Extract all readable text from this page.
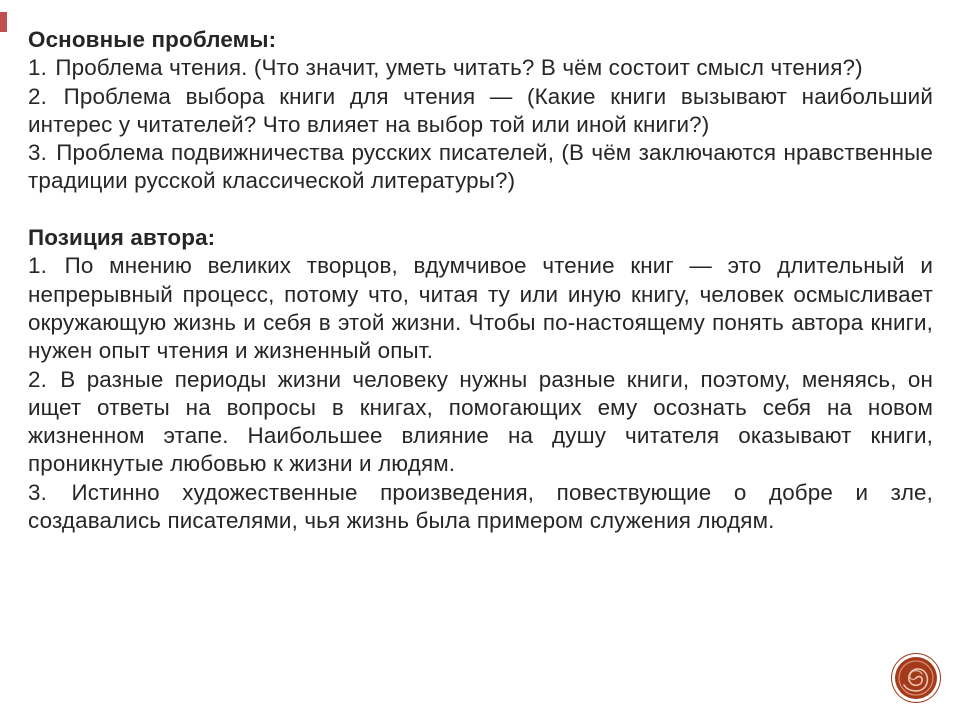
Основные проблемы:

1. Проблема чтения. (Что значит, уметь читать? В чём состоит смысл чтения?)
2. Проблема выбора книги для чтения — (Какие книги вызывают наибольший интерес у читателей? Что влияет на выбор той или иной книги?)
3. Проблема подвижничества русских писателей, (В чём заключаются нравственные традиции русской классической литературы?)

Позиция автора:

1. По мнению великих творцов, вдумчивое чтение книг — это длительный и непрерывный процесс, потому что, читая ту или иную книгу, человек осмысливает окружающую жизнь и себя в этой жизни. Чтобы по-настоящему понять автора книги, нужен опыт чтения и жизненный опыт.
2. В разные периоды жизни человеку нужны разные книги, поэтому, меняясь, он ищет ответы на вопросы в книгах, помогающих ему осознать себя на новом жизненном этапе. Наибольшее влияние на душу читателя оказывают книги, проникнутые любовью к жизни и людям.
3. Истинно художественные произведения, повествующие о добре и зле, создавались писателями, чья жизнь была примером служения людям.
